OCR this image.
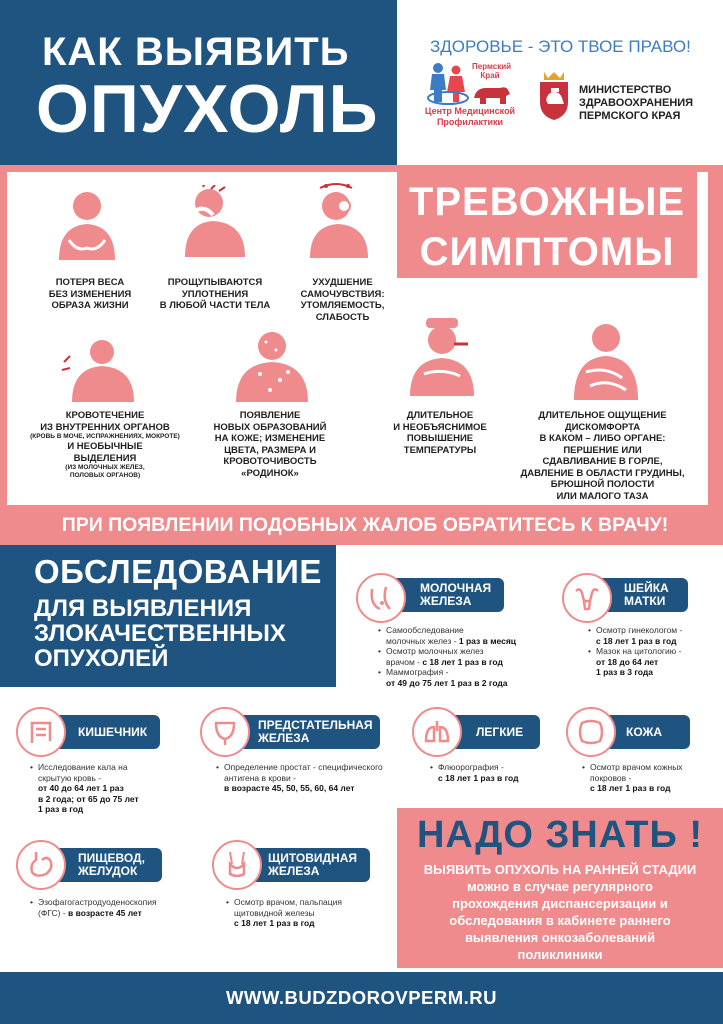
КАК ВЫЯВИТЬ
ОПУХОЛЬ
ЗДОРОВЬЕ - ЭТО ТВОЕ ПРАВО!
Пермский Край
Центр Медицинской
Профилактики
МИНИСТЕРСТВО
ЗДРАВООХРАНЕНИЯ
ПЕРМСКОГО КРАЯ
ТРЕВОЖНЫЕ
СИМПТОМЫ
ПОТЕРЯ ВЕСА
БЕЗ ИЗМЕНЕНИЯ
ОБРАЗА ЖИЗНИ
ПРОЩУПЫВАЮТСЯ
УПЛОТНЕНИЯ
В ЛЮБОЙ ЧАСТИ ТЕЛА
УХУДШЕНИЕ
САМОЧУВСТВИЯ:
УТОМЛЯЕМОСТЬ,
СЛАБОСТЬ
КРОВОТЕЧЕНИЕ
ИЗ ВНУТРЕННИХ ОРГАНОВ
(КРОВЬ В МОЧЕ, ИСПРАЖНЕНИЯХ, МОКРОТЕ)
И НЕОБЫЧНЫЕ
ВЫДЕЛЕНИЯ
(ИЗ МОЛОЧНЫХ ЖЕЛЕЗ,
ПОЛОВЫХ ОРГАНОВ)
ПОЯВЛЕНИЕ
НОВЫХ ОБРАЗОВАНИЙ
НА КОЖЕ; ИЗМЕНЕНИЕ
ЦВЕТА, РАЗМЕРА И
КРОВОТОЧИВОСТЬ
«РОДИНОК»
ДЛИТЕЛЬНОЕ
И НЕОБЪЯСНИМОЕ
ПОВЫШЕНИЕ
ТЕМПЕРАТУРЫ
ДЛИТЕЛЬНОЕ ОЩУЩЕНИЕ
ДИСКОМФОРТА
В КАКОМ – ЛИБО ОРГАНЕ:
ПЕРШЕНИЕ ИЛИ
СДАВЛИВАНИЕ В ГОРЛЕ,
ДАВЛЕНИЕ В ОБЛАСТИ ГРУДИНЫ,
БРЮШНОЙ ПОЛОСТИ
ИЛИ МАЛОГО ТАЗА
ПРИ ПОЯВЛЕНИИ ПОДОБНЫХ ЖАЛОБ ОБРАТИТЕСЬ К ВРАЧУ!
ОБСЛЕДОВАНИЕ
ДЛЯ ВЫЯВЛЕНИЯ
ЗЛОКАЧЕСТВЕННЫХ
ОПУХОЛЕЙ
МОЛОЧНАЯ
ЖЕЛЕЗА

• Самообследование
молочных желез - 1 раз в месяц

• Осмотр молочных желез
врачом - с 18 лет 1 раз в год

• Маммография -
от 49 до 75 лет 1 раз в 2 года

ШЕЙКА
МАТКИ

• Осмотр гинекологом -
с 18 лет 1 раз в год

• Мазок на цитологию -
от 18 до 64 лет
1 раз в 3 года

КИШЕЧНИК

• Исследование кала на
скрытую кровь -
от 40 до 64 лет 1 раз
в 2 года; от 65 до 75 лет
1 раз в год

ПРЕДСТАТЕЛЬНАЯ
ЖЕЛЕЗА

• Определение простат - специфического
антигена в крови -
в возрасте 45, 50, 55, 60, 64 лет

ЛЕГКИЕ

• Флюорография -
с 18 лет 1 раз в год

КОЖА

• Осмотр врачом кожных
покровов -
с 18 лет 1 раз в год

ПИЩЕВОД,
ЖЕЛУДОК

• Эзофагогастродуоденоскопия
(ФГС) - в возрасте 45 лет

ЩИТОВИДНАЯ
ЖЕЛЕЗА

• Осмотр врачом, пальпация
щитовидной железы
с 18 лет 1 раз в год

НАДО ЗНАТЬ !
ВЫЯВИТЬ ОПУХОЛЬ НА РАННЕЙ СТАДИИ
можно в случае регулярного
прохождения диспансеризации и
обследования в кабинете раннего
выявления онкозаболеваний
поликлиники
WWW.BUDZDOROVPERM.RU
